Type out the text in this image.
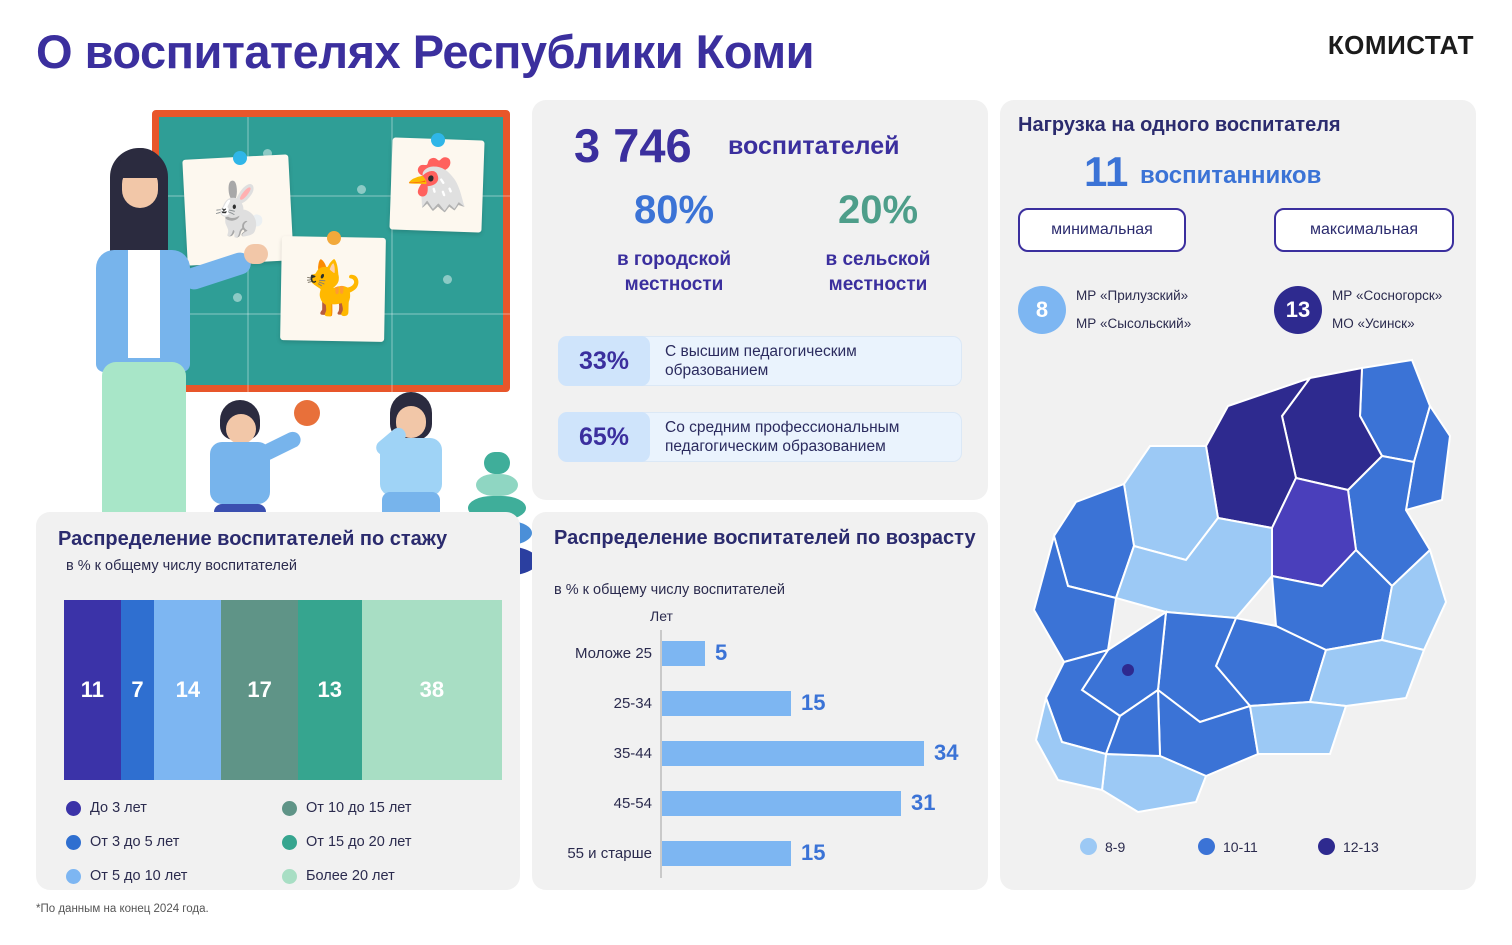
О воспитателях Республики Коми	КОМИСТАТ
🐇	🐔
🐈
3 746 воспитателей
80%	20%
в городской
местности
в сельской
местности
С высшим педагогическим образованием
33%
Со средним профессиональным педагогическим образованием
65%
Нагрузка на одного воспитателя
11 воспитанников
минимальная	максимальная
8	13
МР «Прилузский»
МР «Сысольский»
МР «Сосногорск»
МО «Усинск»
8-9	10-11	12-13
Распределение воспитателей по стажу
в % к общему числу воспитателей
11	7	14	17	13	38
До 3 лет
От 3 до 5 лет
От 5 до 10 лет
От 10 до 15 лет
От 15 до 20 лет
Более 20 лет
Распределение воспитателей по возрасту
в % к общему числу воспитателей
Лет
Моложе 25	5
25-34	15
35-44	34
45-54	31
55 и старше	15
*По данным на конец 2024 года.
